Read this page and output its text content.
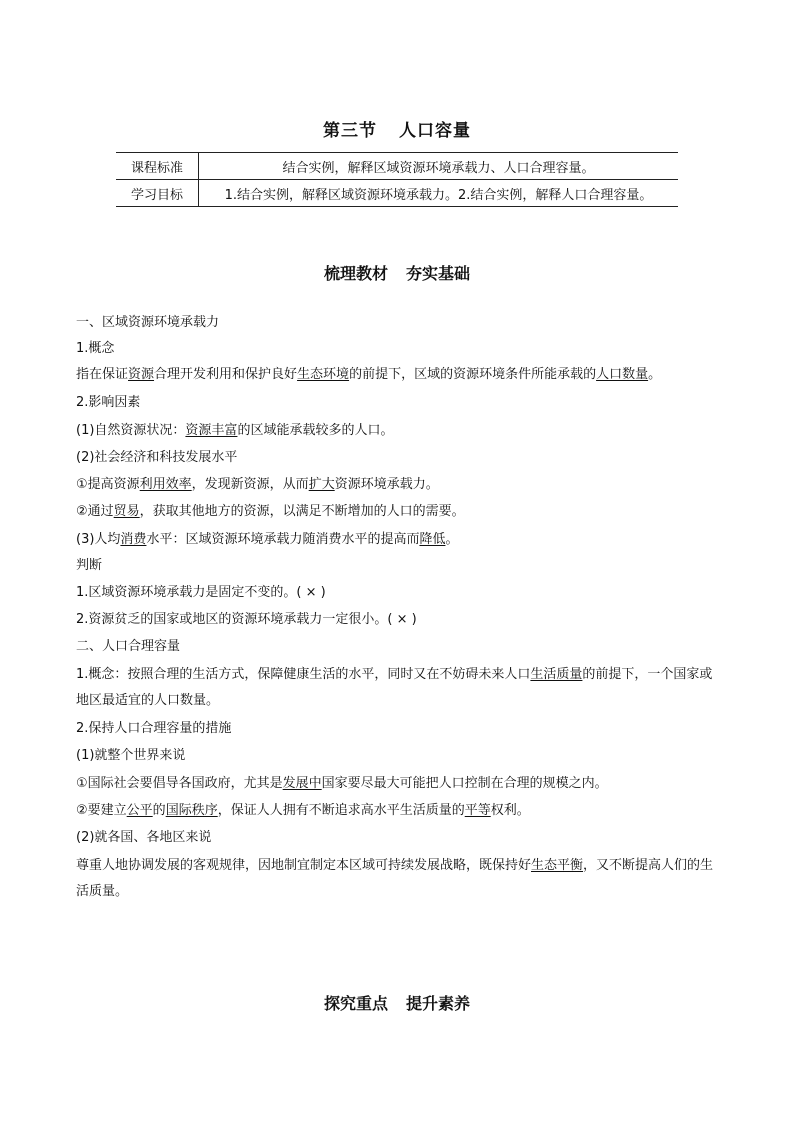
第三节 人口容量
课程标准	结合实例，解释区域资源环境承载力、人口合理容量。
学习目标	1.结合实例，解释区域资源环境承载力。2.结合实例，解释人口合理容量。
梳理教材 夯实基础
一、区域资源环境承载力
1.概念
指在保证资源合理开发利用和保护良好生态环境的前提下，区域的资源环境条件所能承载的人口数量。
2.影响因素
(1)自然资源状况：资源丰富的区域能承载较多的人口。
(2)社会经济和科技发展水平
①提高资源利用效率，发现新资源，从而扩大资源环境承载力。
②通过贸易，获取其他地方的资源，以满足不断增加的人口的需要。
(3)人均消费水平：区域资源环境承载力随消费水平的提高而降低。
判断
1.区域资源环境承载力是固定不变的。( × )
2.资源贫乏的国家或地区的资源环境承载力一定很小。( × )
二、人口合理容量
1.概念：按照合理的生活方式，保障健康生活的水平，同时又在不妨碍未来人口生活质量的前提下，一个国家或地区最适宜的人口数量。
2.保持人口合理容量的措施
(1)就整个世界来说
①国际社会要倡导各国政府，尤其是发展中国家要尽最大可能把人口控制在合理的规模之内。
②要建立公平的国际秩序，保证人人拥有不断追求高水平生活质量的平等权利。
(2)就各国、各地区来说
尊重人地协调发展的客观规律，因地制宜制定本区域可持续发展战略，既保持好生态平衡，又不断提高人们的生活质量。
探究重点 提升素养
